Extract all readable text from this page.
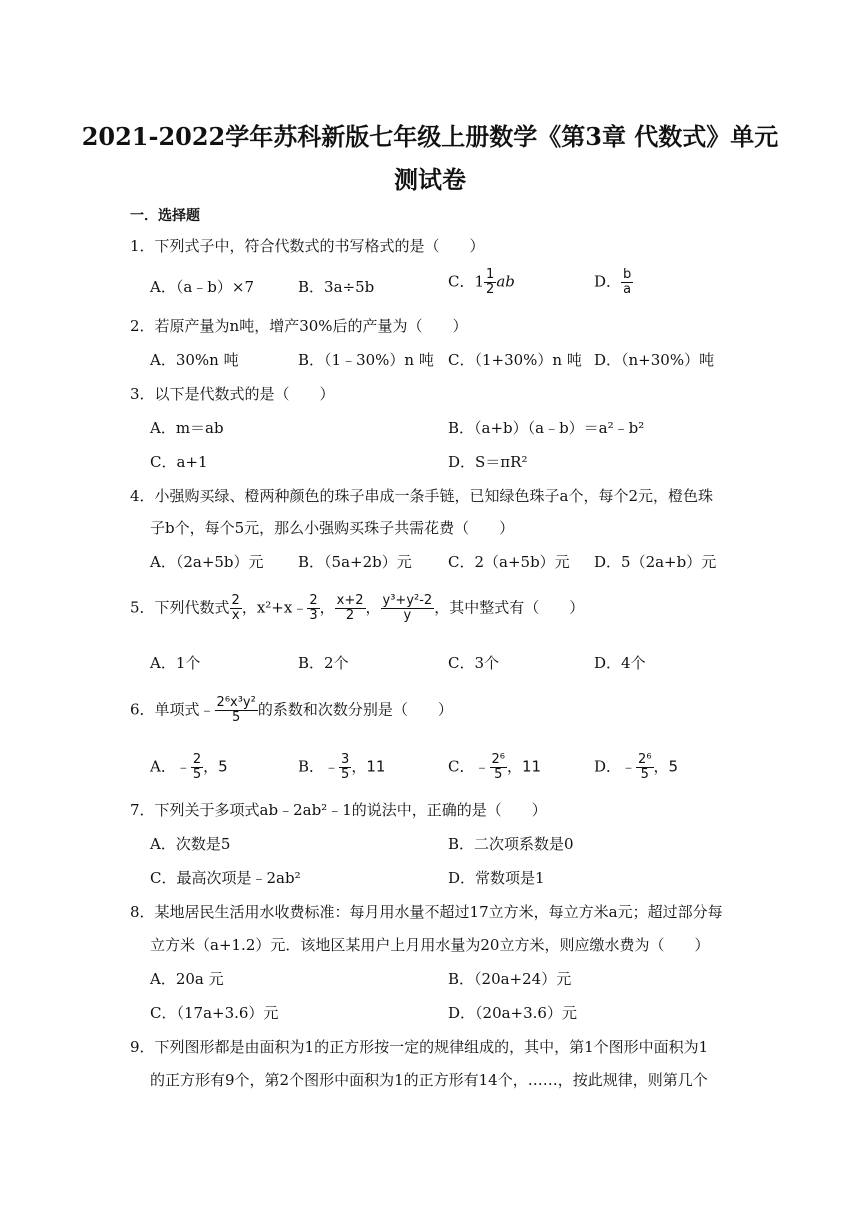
2021-2022学年苏科新版七年级上册数学《第3章 代数式》单元
测试卷
一．选择题
1．下列式子中，符合代数式的书写格式的是（　　）
A．（a﹣b）×7	B．3a÷5b	C．$1 \frac{1}{2}$ ab	D． $\frac{b}{a}$
2．若原产量为n吨，增产30%后的产量为（　　）
A．30%n 吨	B．（1﹣30%）n 吨 C．（1+30%）n 吨 D．（n+30%）吨
3．以下是代数式的是（　　）
A．m＝ab	B．（a+b）（a﹣b）＝a²﹣b²
C．a+1	D．S＝πR²
4．小强购买绿、橙两种颜色的珠子串成一条手链，已知绿色珠子a个，每个2元，橙色珠
子b个，每个5元，那么小强购买珠子共需花费（　　）
A．（2a+5b）元 B．（5a+2b）元 C．2（a+5b）元 D．5（2a+b）元
5．下列代数式 $\frac{2}{x}$ ，x²+x﹣ $\frac{2}{3}$ ， $\frac{x+2}{2}$ ， $\frac{\text{y³+y²-2}}{y}$ ，其中整式有（　　）
A．1个	B．2个	C．3个	D．4个
6．单项式﹣ $\frac{\text{2⁶x³y²}}{5}$ 的系数和次数分别是（　　）
A．﹣ $\frac{2}{5}$ ，5	B．﹣ $\frac{3}{5}$ ，11	C．﹣ $\frac{\text{2⁶}}{5}$ ，11	D．﹣ $\frac{\text{2⁶}}{5}$ ，5
7．下列关于多项式ab﹣2ab²﹣1的说法中，正确的是（　　）
A．次数是5	B．二次项系数是0
C．最高次项是﹣2ab²	D．常数项是1
8．某地居民生活用水收费标准：每月用水量不超过17立方米，每立方米a元；超过部分每
立方米（a+1.2）元．该地区某用户上月用水量为20立方米，则应缴水费为（　　）
A．20a 元	B．（20a+24）元
C．（17a+3.6）元	D．（20a+3.6）元
9．下列图形都是由面积为1的正方形按一定的规律组成的，其中，第1个图形中面积为1
的正方形有9个，第2个图形中面积为1的正方形有14个，……，按此规律，则第几个
